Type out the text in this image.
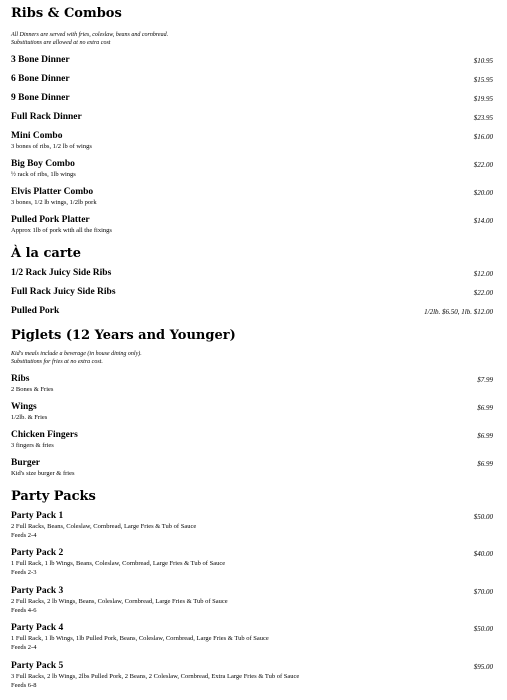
Ribs & Combos
All Dinners are served with fries, coleslaw, beans and cornbread.
Substitutions are allowed at no extra cost
3 Bone Dinner	$10.95
6 Bone Dinner	$15.95
9 Bone Dinner	$19.95
Full Rack Dinner	$23.95
Mini Combo	$16.00
3 bones of ribs, 1/2 lb of wings
Big Boy Combo	$22.00
½ rack of ribs, 1lb wings
Elvis Platter Combo	$20.00
3 bones, 1/2 lb wings, 1/2lb pork
Pulled Pork Platter	$14.00
Approx 1lb of pork with all the fixings
À la carte
1/2 Rack Juicy Side Ribs	$12.00
Full Rack Juicy Side Ribs	$22.00
Pulled Pork	1/2lb. $6.50, 1lb. $12.00
Piglets (12 Years and Younger)
Kid's meals include a beverage (in house dining only).
Substitutions for fries at no extra cost.
Ribs	$7.99
2 Bones & Fries
Wings	$6.99
1/2lb. & Fries
Chicken Fingers	$6.99
3 fingers & fries
Burger	$6.99
Kid's size burger & fries
Party Packs
Party Pack 1	$50.00
2 Full Racks, Beans, Coleslaw, Cornbread, Large Fries & Tub of Sauce
Feeds 2-4
Party Pack 2	$40.00
1 Full Rack, 1 lb Wings, Beans, Coleslaw, Cornbread, Large Fries & Tub of Sauce
Feeds 2-3
Party Pack 3	$70.00
2 Full Racks, 2 lb Wings, Beans, Coleslaw, Cornbread, Large Fries & Tub of Sauce
Feeds 4-6
Party Pack 4	$50.00
1 Full Rack, 1 lb Wings, 1lb Pulled Pork, Beans, Coleslaw, Cornbread, Large Fries & Tub of Sauce
Feeds 2-4
Party Pack 5	$95.00
3 Full Racks, 2 lb Wings, 2lbs Pulled Pork, 2 Beans, 2 Coleslaw, Cornbread, Extra Large Fries & Tub of Sauce
Feeds 6-8
